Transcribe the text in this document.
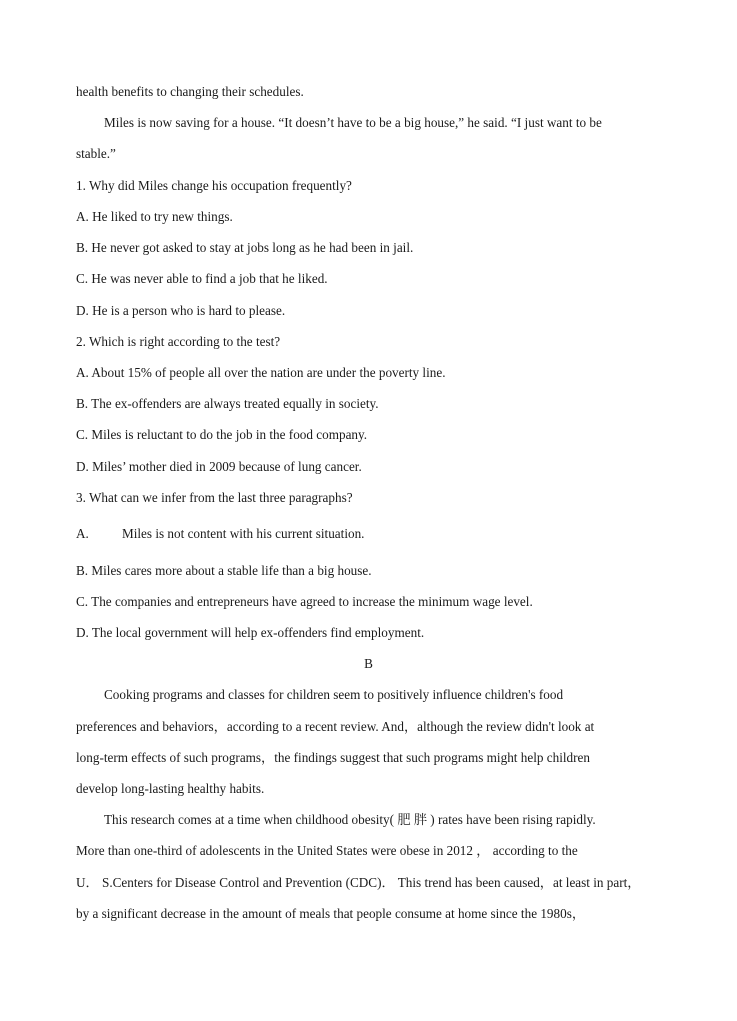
health benefits to changing their schedules.
Miles is now saving for a house. “It doesn’t have to be a big house,” he said. “I just want to be
stable.”
1. Why did Miles change his occupation frequently?
A. He liked to try new things.
B. He never got asked to stay at jobs long as he had been in jail.
C. He was never able to find a job that he liked.
D. He is a person who is hard to please.
2. Which is right according to the test?
A. About 15% of people all over the nation are under the poverty line.
B. The ex-offenders are always treated equally in society.
C. Miles is reluctant to do the job in the food company.
D. Miles’ mother died in 2009 because of lung cancer.
3. What can we infer from the last three paragraphs?
A.	Miles is not content with his current situation.
B. Miles cares more about a stable life than a big house.
C. The companies and entrepreneurs have agreed to increase the minimum wage level.
D. The local government will help ex-offenders find employment.
B
Cooking programs and classes for children seem to positively influence children's food
preferences and behaviors，according to a recent review. And，although the review didn't look at
long-term effects of such programs，the findings suggest that such programs might help children
develop long-lasting healthy habits.
This research comes at a time when childhood obesity( 肥 胖 ) rates have been rising rapidly.
More than one-third of adolescents in the United States were obese in 2012 ， according to the
U． S.Centers for Disease Control and Prevention (CDC)． This trend has been caused，at least in part，
by a significant decrease in the amount of meals that people consume at home since the 1980s，
